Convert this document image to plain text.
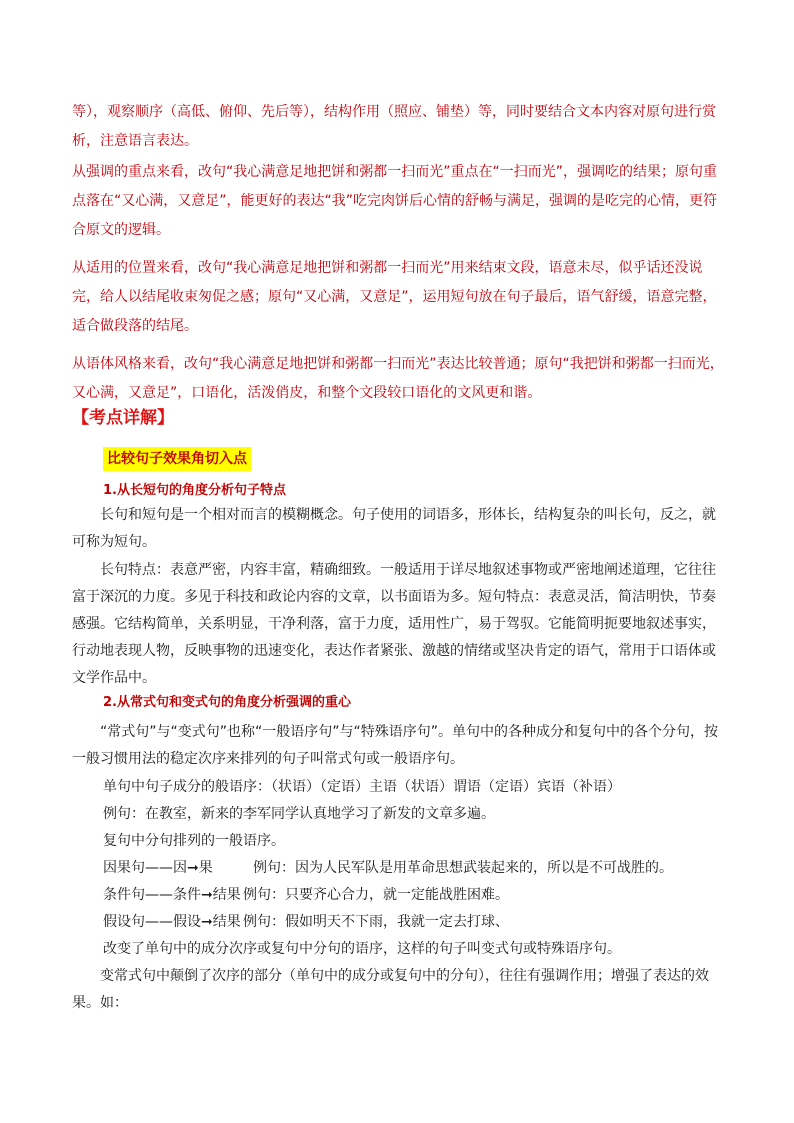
等），观察顺序（高低、俯仰、先后等），结构作用（照应、铺垫）等，同时要结合文本内容对原句进行赏析，注意语言表达。

从强调的重点来看，改句“我心满意足地把饼和粥都一扫而光”重点在“一扫而光”，强调吃的结果；原句重点落在“又心满，又意足”，能更好的表达“我”吃完肉饼后心情的舒畅与满足，强调的是吃完的心情，更符合原文的逻辑。

从适用的位置来看，改句“我心满意足地把饼和粥都一扫而光”用来结束文段，语意未尽，似乎话还没说完，给人以结尾收束匆促之感；原句“又心满，又意足”，运用短句放在句子最后，语气舒缓，语意完整，适合做段落的结尾。

从语体风格来看，改句“我心满意足地把饼和粥都一扫而光”表达比较普通；原句“我把饼和粥都一扫而光，又心满，又意足”，口语化，活泼俏皮，和整个文段较口语化的文风更和谐。

【考点详解】
比较句子效果角切入点
1.从长短句的角度分析句子特点

长句和短句是一个相对而言的模糊概念。句子使用的词语多，形体长，结构复杂的叫长句，反之，就可称为短句。

长句特点：表意严密，内容丰富，精确细致。一般适用于详尽地叙述事物或严密地阐述道理，它往往富于深沉的力度。多见于科技和政论内容的文章，以书面语为多。短句特点：表意灵活，简洁明快，节奏感强。它结构简单，关系明显，干净利落，富于力度，适用性广，易于驾驭。它能简明扼要地叙述事实，行动地表现人物，反映事物的迅速变化，表达作者紧张、激越的情绪或坚决肯定的语气，常用于口语体或文学作品中。

2.从常式句和变式句的角度分析强调的重心

“常式句”与“变式句”也称“一般语序句”与“特殊语序句”。单句中的各种成分和复句中的各个分句，按一般习惯用法的稳定次序来排列的句子叫常式句或一般语序句。

单句中句子成分的般语序：（状语）（定语）主语（状语）谓语（定语）宾语（补语）

例句：在教室，新来的李军同学认真地学习了新发的文章多遍。

复句中分句排列的一般语序。

因果句——因➞果	例句：因为人民军队是用革命思想武装起来的，所以是不可战胜的。

条件句——条件➞结果 例句：只要齐心合力，就一定能战胜困难。

假设句——假设➞结果 例句：假如明天不下雨，我就一定去打球、

改变了单句中的成分次序或复句中分句的语序，这样的句子叫变式句或特殊语序句。

变常式句中颠倒了次序的部分（单句中的成分或复句中的分句），往往有强调作用；增强了表达的效果。如：
